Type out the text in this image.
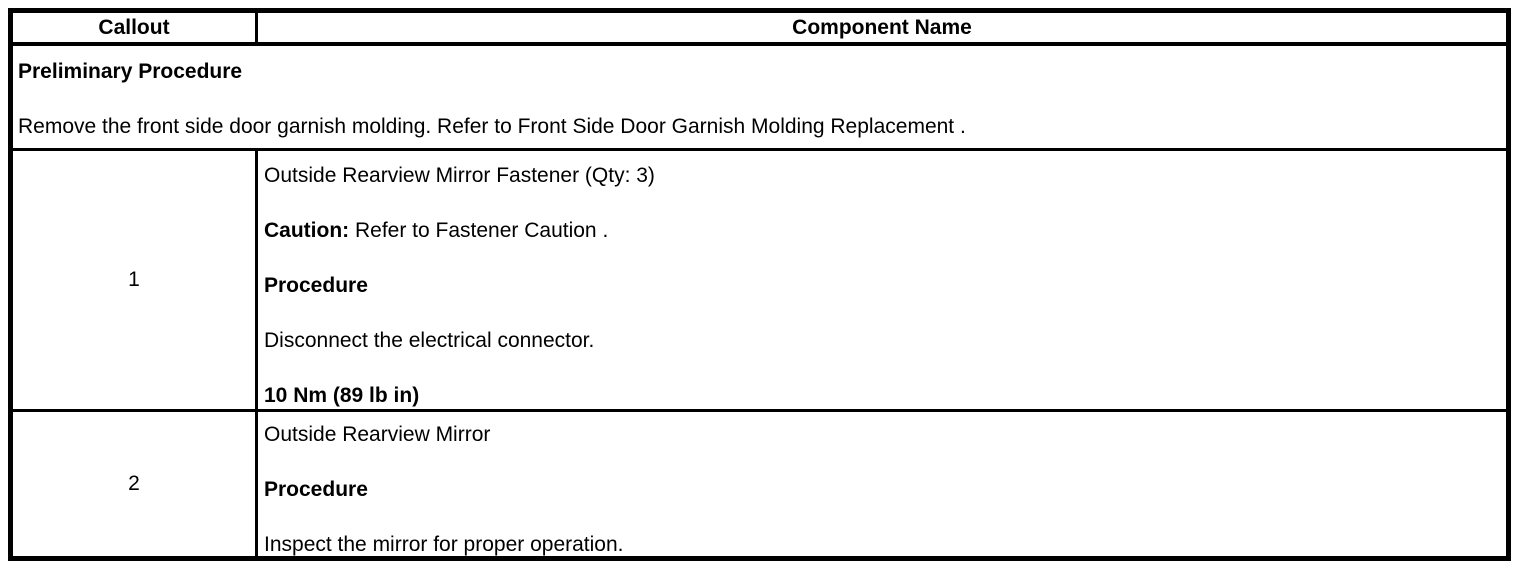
Callout	Component Name

Preliminary Procedure

Remove the front side door garnish molding. Refer to Front Side Door Garnish Molding Replacement .

1

Outside Rearview Mirror Fastener (Qty: 3)

Caution: Refer to Fastener Caution .

Procedure

Disconnect the electrical connector.

10 Nm (89 lb in)

2

Outside Rearview Mirror

Procedure

Inspect the mirror for proper operation.
